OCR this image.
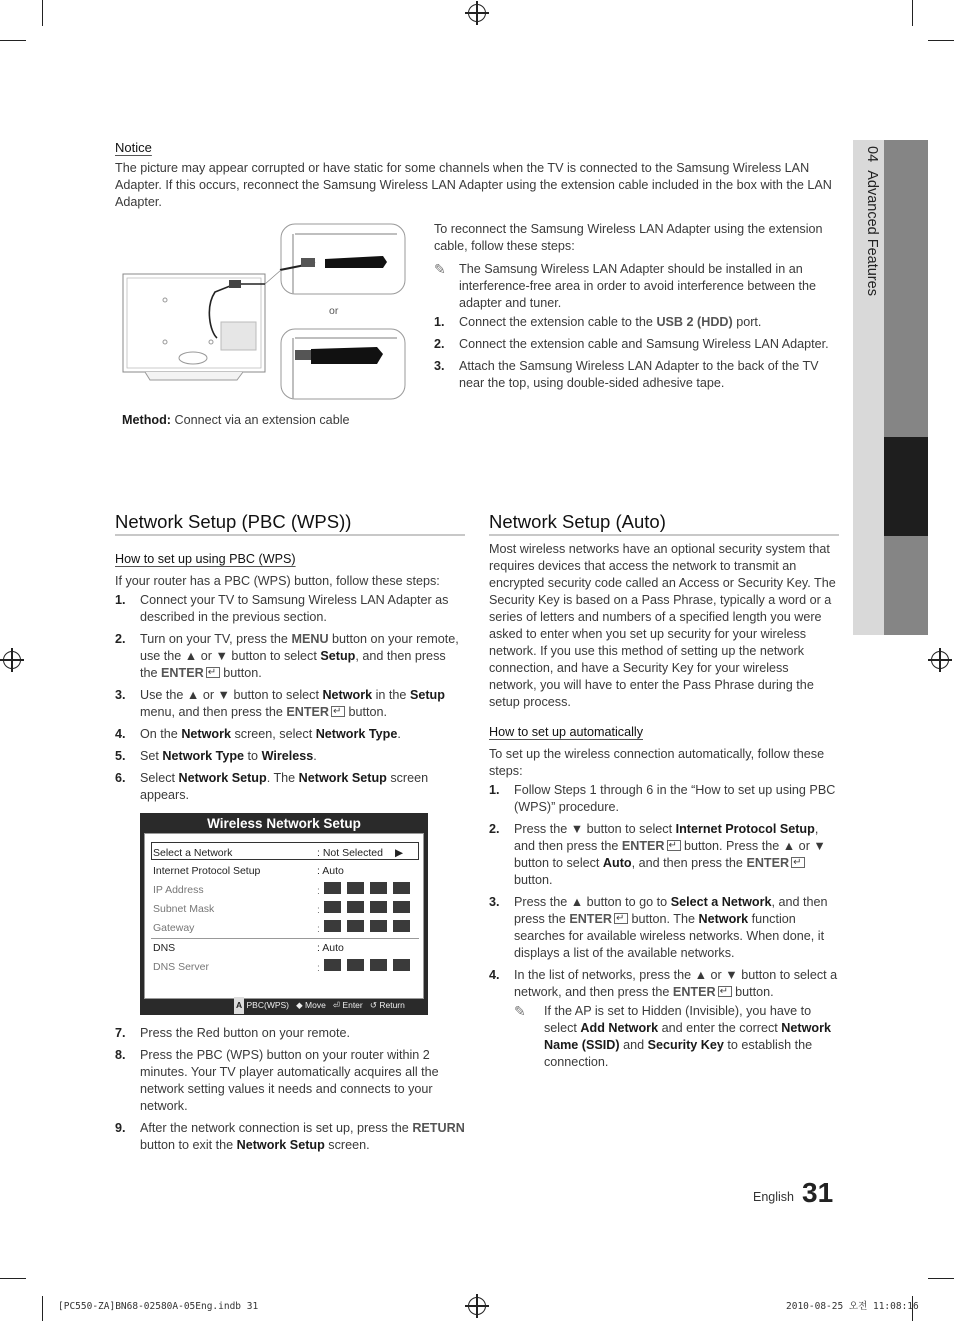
04  Advanced Features
Notice
The picture may appear corrupted or have static for some channels when the TV is connected to the Samsung Wireless LAN Adapter. If this occurs, reconnect the Samsung Wireless LAN Adapter using the extension cable included in the box with the LAN Adapter.
or
Method: Connect via an extension cable
To reconnect the Samsung Wireless LAN Adapter using the extension cable, follow these steps:
✎	The Samsung Wireless LAN Adapter should be installed in an interference-free area in order to avoid interference between the adapter and tuner.
1.	Connect the extension cable to the USB 2 (HDD) port.
2.	Connect the extension cable and Samsung Wireless LAN Adapter.
3.	Attach the Samsung Wireless LAN Adapter to the back of the TV near the top, using double-sided adhesive tape.
Network Setup (PBC (WPS))
How to set up using PBC (WPS)
If your router has a PBC (WPS) button, follow these steps:
1.	Connect your TV to Samsung Wireless LAN Adapter as described in the previous section.
2.	Turn on your TV, press the MENU button on your remote, use the ▲ or ▼ button to select Setup, and then press the ENTER↵ button.
3.	Use the ▲ or ▼ button to select Network in the Setup menu, and then press the ENTER↵ button.
4.	On the Network screen, select Network Type.
5.	Set Network Type to Wireless.
6.	Select Network Setup. The Network Setup screen appears.
Wireless Network Setup
Select a Network	: Not Selected ▶
Internet Protocol Setup	: Auto
IP Address	:
Subnet Mask	:
Gateway	:
DNS	: Auto
DNS Server	:
A PBC(WPS) ◆ Move ⏎ Enter ↺ Return
7.	Press the Red button on your remote.
8.	Press the PBC (WPS) button on your router within 2 minutes. Your TV player automatically acquires all the network setting values it needs and connects to your network.
9.	After the network connection is set up, press the RETURN button to exit the Network Setup screen.
Network Setup (Auto)
Most wireless networks have an optional security system that requires devices that access the network to transmit an encrypted security code called an Access or Security Key. The Security Key is based on a Pass Phrase, typically a word or a series of letters and numbers of a specified length you were asked to enter when you set up security for your wireless network. If you use this method of setting up the network connection, and have a Security Key for your wireless network, you will have to enter the Pass Phrase during the setup process.
How to set up automatically
To set up the wireless connection automatically, follow these steps:
1.	Follow Steps 1 through 6 in the “How to set up using PBC (WPS)” procedure.
2.	Press the ▼ button to select Internet Protocol Setup, and then press the ENTER↵ button. Press the ▲ or ▼ button to select Auto, and then press the ENTER↵ button.
3.	Press the ▲ button to go to Select a Network, and then press the ENTER↵ button. The Network function searches for available wireless networks. When done, it displays a list of the available networks.
4.	In the list of networks, press the ▲ or ▼ button to select a network, and then press the ENTER↵ button.
✎	If the AP is set to Hidden (Invisible), you have to select Add Network and enter the correct Network Name (SSID) and Security Key to establish the connection.
English 31
[PC550-ZA]BN68-02580A-05Eng.indb 31	2010-08-25 오전 11:08:16
